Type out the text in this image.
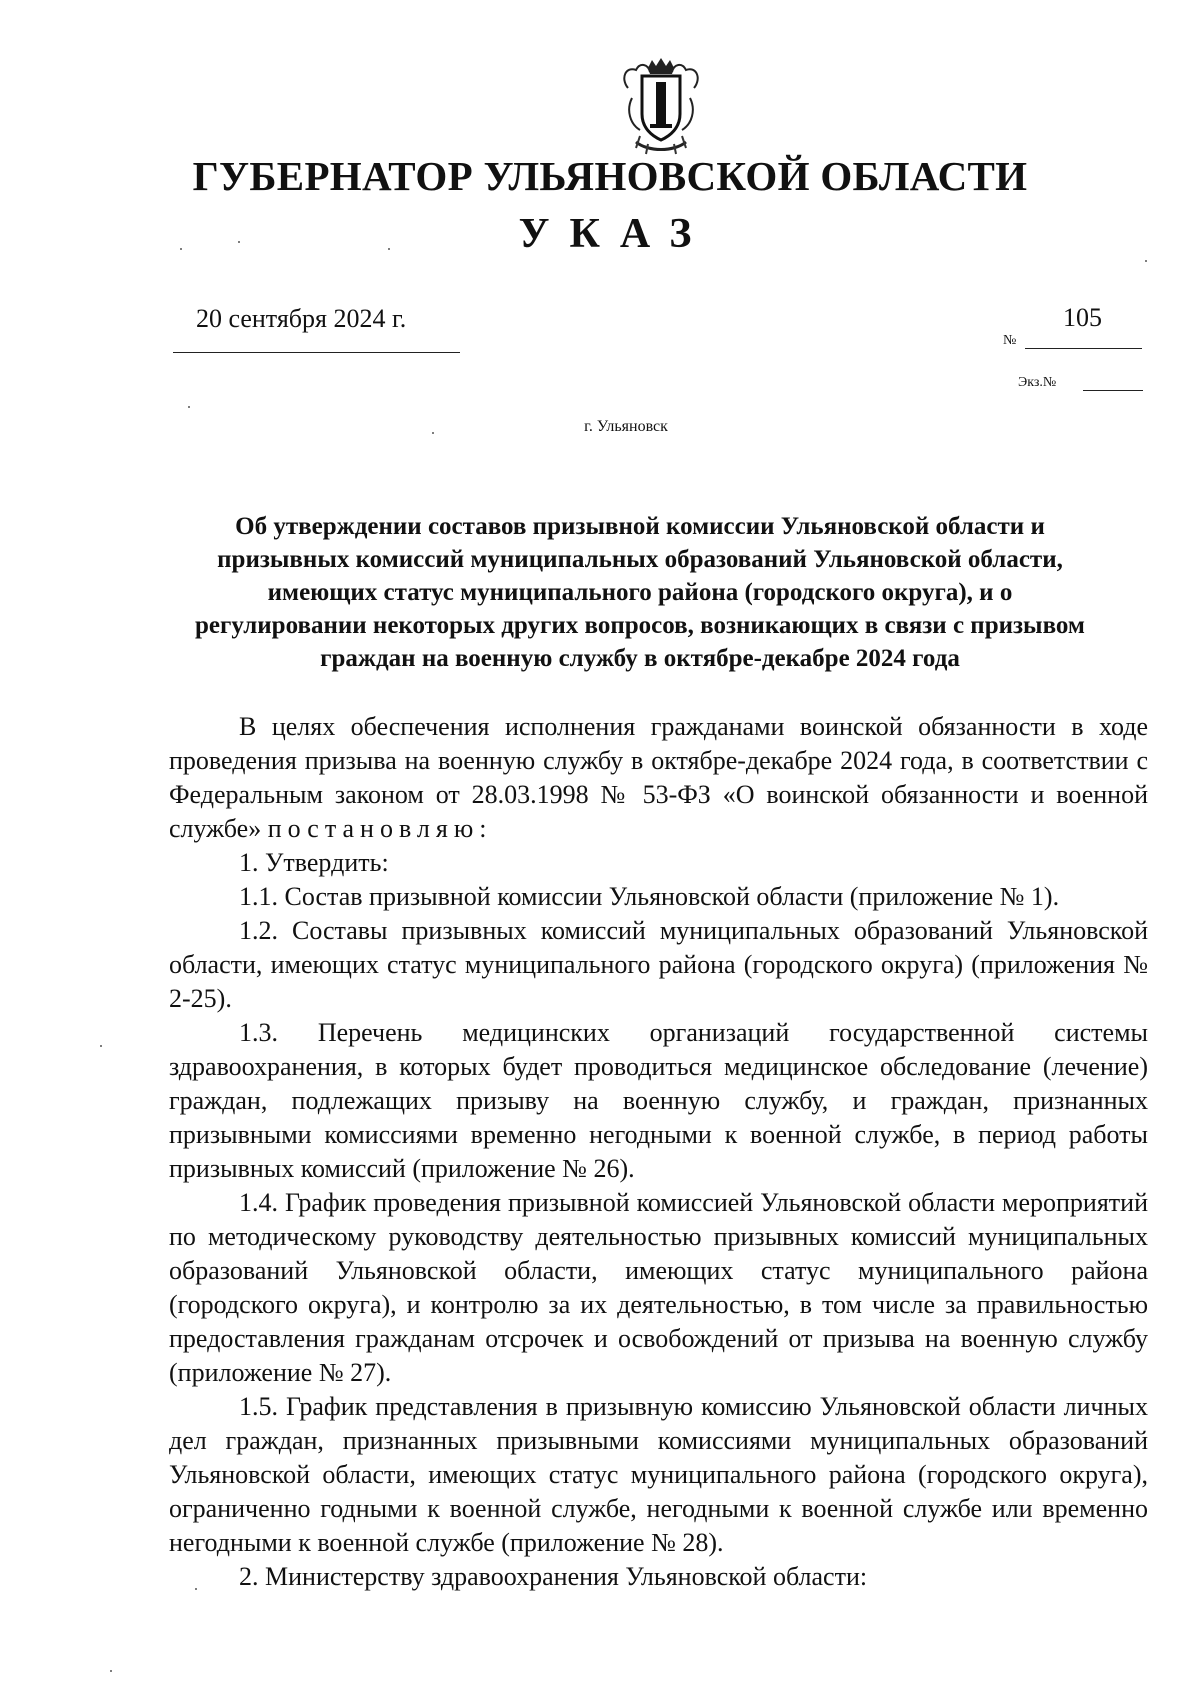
ГУБЕРНАТОР УЛЬЯНОВСКОЙ ОБЛАСТИ
УКАЗ
20 сентября 2024 г.
№
105
Экз.№
г. Ульяновск
Об утверждении составов призывной комиссии Ульяновской области и призывных комиссий муниципальных образований Ульяновской области, имеющих статус муниципального района (городского округа), и о регулировании некоторых других вопросов, возникающих в связи с призывом граждан на военную службу в октябре-декабре 2024 года

В целях обеспечения исполнения гражданами воинской обязанности в ходе проведения призыва на военную службу в октябре-декабре 2024 года, в соответствии с Федеральным законом от 28.03.1998 № 53-ФЗ «О воинской обязанности и военной службе» постановляю:

1. Утвердить:

1.1. Состав призывной комиссии Ульяновской области (приложение № 1).

1.2. Составы призывных комиссий муниципальных образований Ульяновской области, имеющих статус муниципального района (городского округа) (приложения № 2-25).

1.3. Перечень медицинских организаций государственной системы здравоохранения, в которых будет проводиться медицинское обследование (лечение) граждан, подлежащих призыву на военную службу, и граждан, признанных призывными комиссиями временно негодными к военной службе, в период работы призывных комиссий (приложение № 26).

1.4. График проведения призывной комиссией Ульяновской области мероприятий по методическому руководству деятельностью призывных комиссий муниципальных образований Ульяновской области, имеющих статус муниципального района (городского округа), и контролю за их деятельностью, в том числе за правильностью предоставления гражданам отсрочек и освобождений от призыва на военную службу (приложение № 27).

1.5. График представления в призывную комиссию Ульяновской области личных дел граждан, признанных призывными комиссиями муниципальных образований Ульяновской области, имеющих статус муниципального района (городского округа), ограниченно годными к военной службе, негодными к военной службе или временно негодными к военной службе (приложение № 28).

2. Министерству здравоохранения Ульяновской области:
